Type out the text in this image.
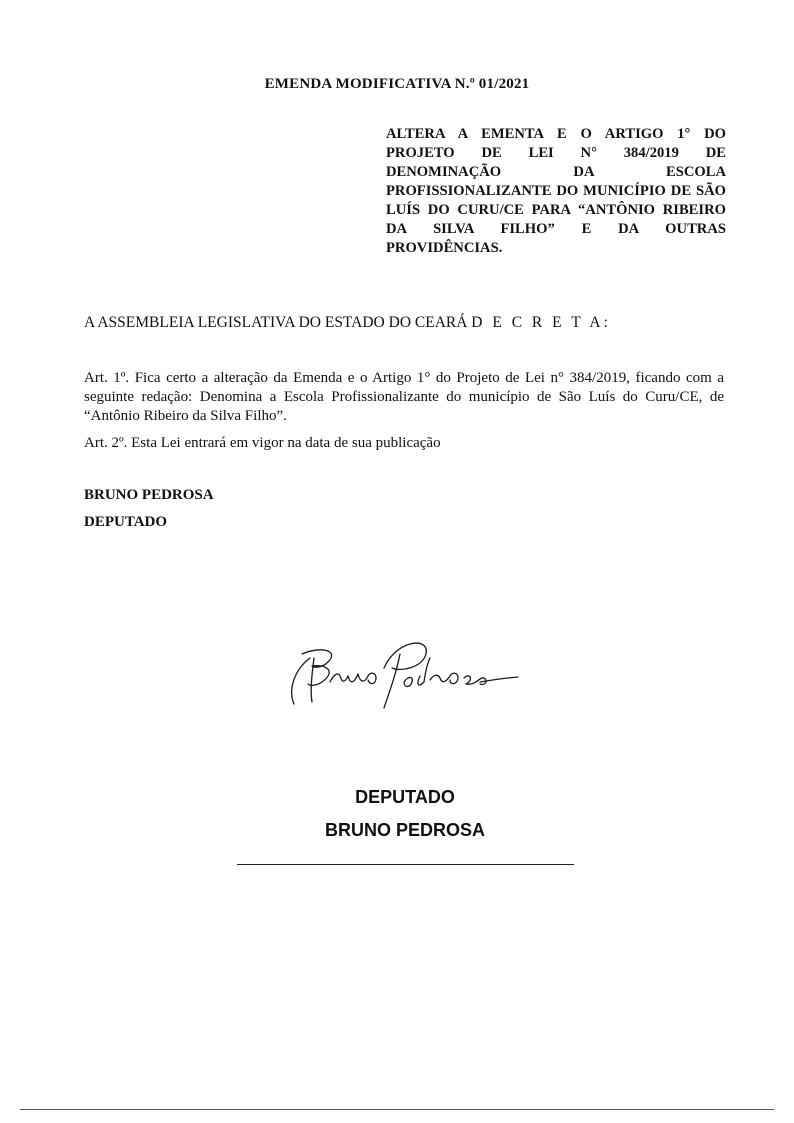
EMENDA MODIFICATIVA N.º 01/2021
ALTERA A EMENTA E O ARTIGO 1° DO PROJETO DE LEI N° 384/2019 DE DENOMINAÇÃO DA ESCOLA PROFISSIONALIZANTE DO MUNICÍPIO DE SÃO LUÍS DO CURU/CE PARA “ANTÔNIO RIBEIRO DA SILVA FILHO” E DA OUTRAS PROVIDÊNCIAS.
A ASSEMBLEIA LEGISLATIVA DO ESTADO DO CEARÁ D E C R E T A:
Art. 1º. Fica certo a alteração da Emenda e o Artigo 1° do Projeto de Lei n° 384/2019, ficando com a seguinte redação: Denomina a Escola Profissionalizante do município de São Luís do Curu/CE, de “Antônio Ribeiro da Silva Filho”.
Art. 2º. Esta Lei entrará em vigor na data de sua publicação
BRUNO PEDROSA
DEPUTADO
DEPUTADO
BRUNO PEDROSA
